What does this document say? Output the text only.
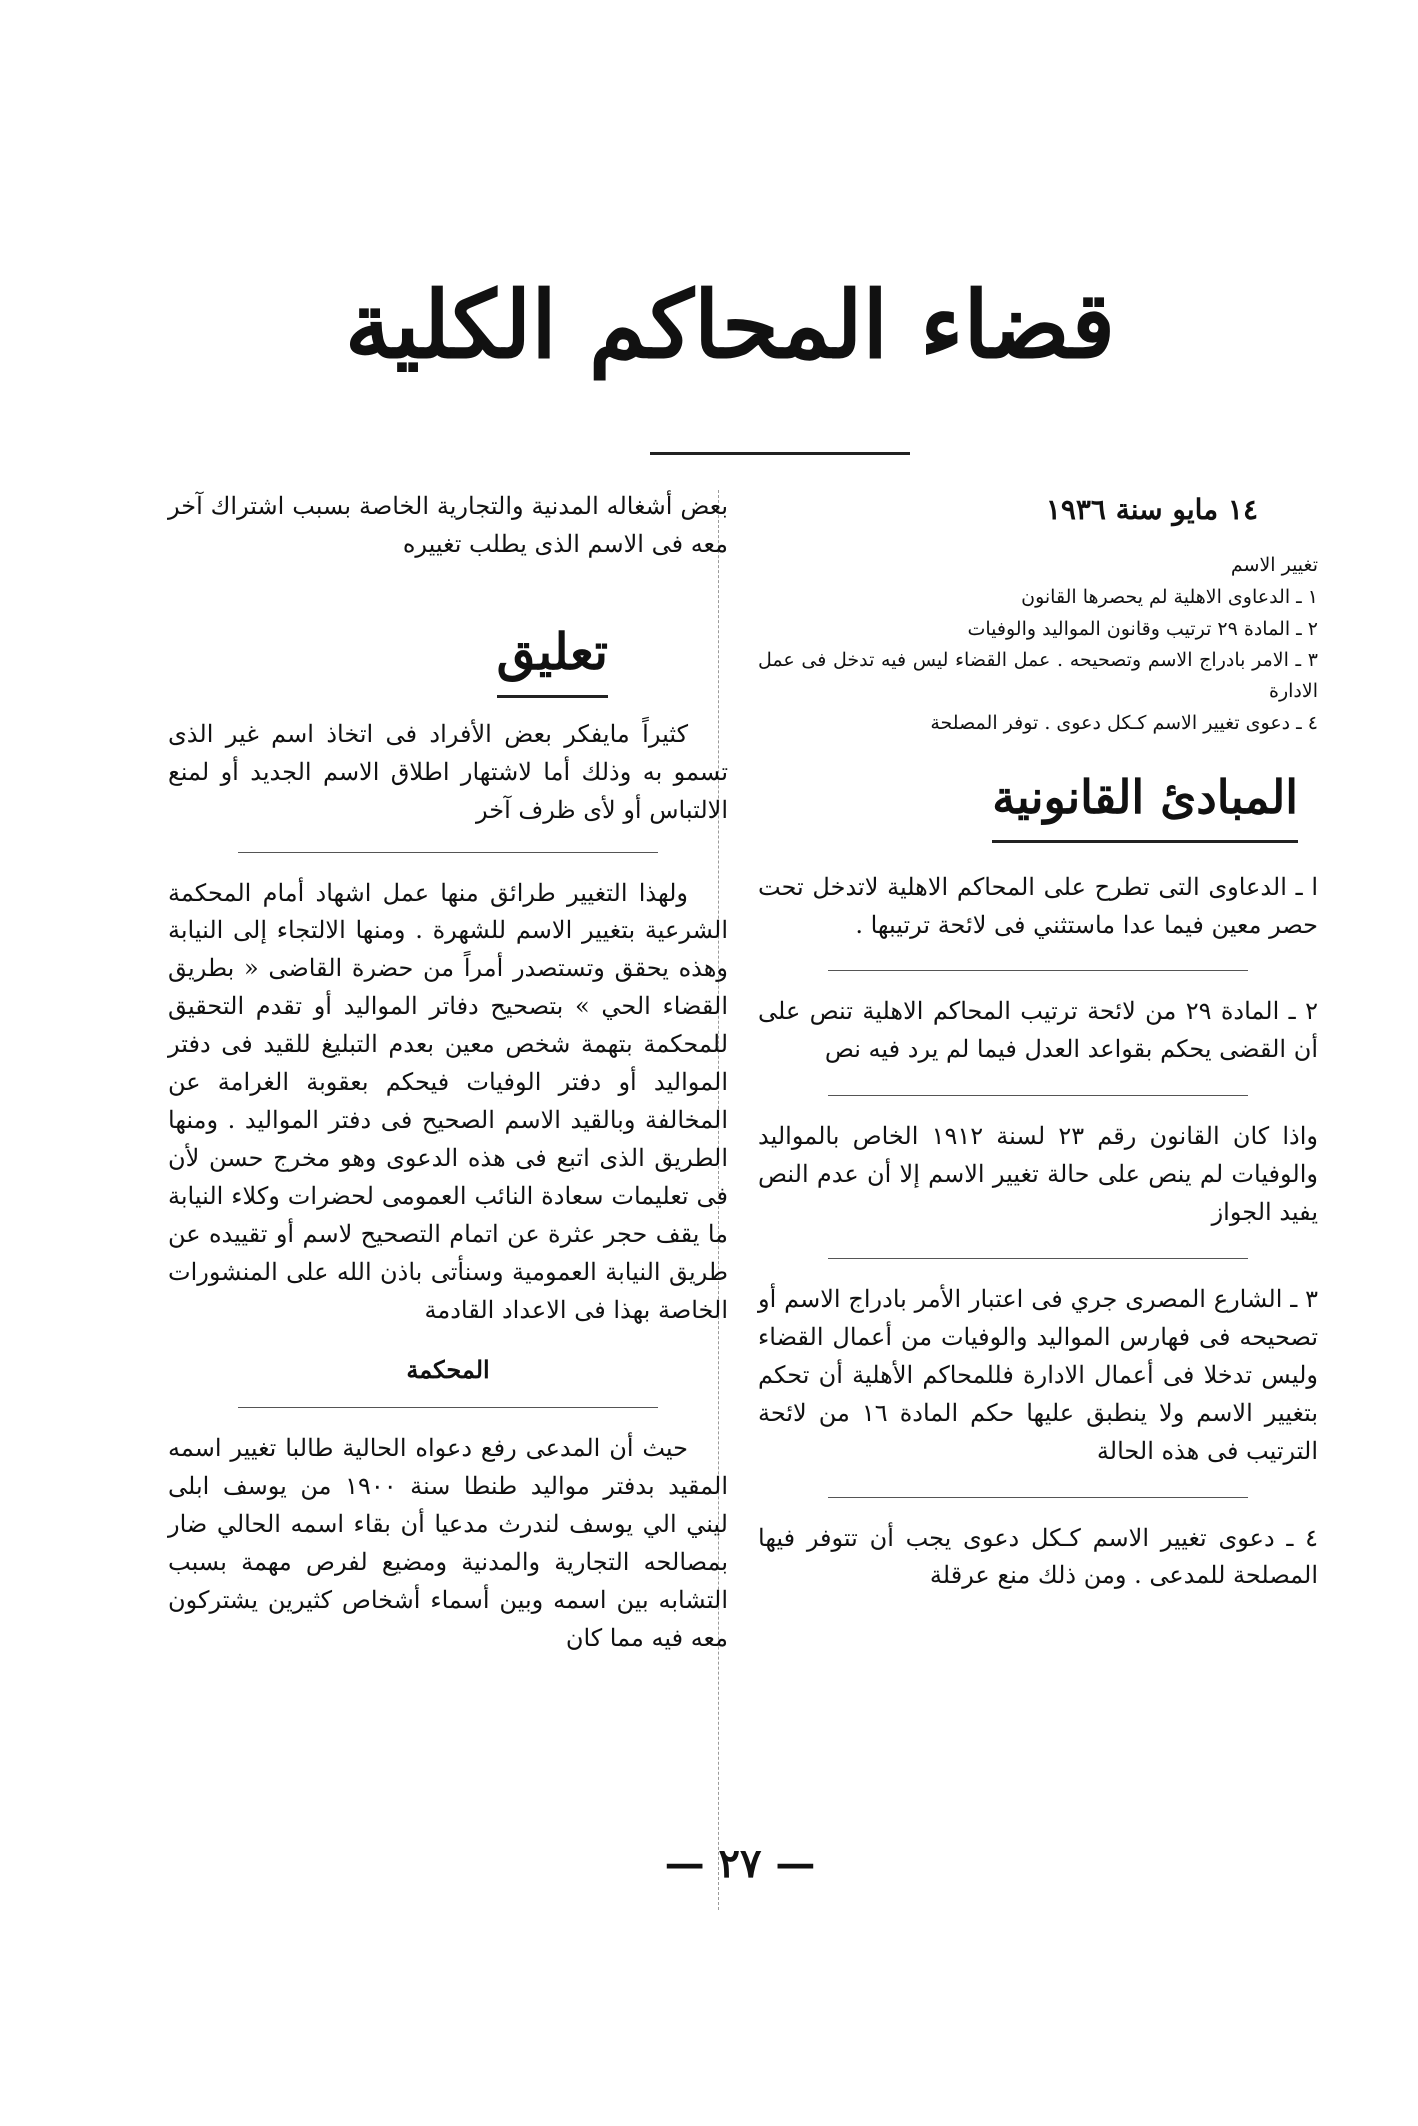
قضاء المحاكم الكلية
١٤ مايو سنة ١٩٣٦
تغيير الاسم

١ ـ الدعاوى الاهلية لم يحصرها القانون

٢ ـ المادة ٢٩ ترتيب وقانون المواليد والوفيات

٣ ـ الامر بادراج الاسم وتصحيحه . عمل القضاء ليس فيه تدخل فى عمل الادارة

٤ ـ دعوى تغيير الاسم كـكل دعوى . توفر المصلحة

المبادئ القانونية

ا ـ الدعاوى التى تطرح على المحاكم الاهلية لاتدخل تحت حصر معين فيما عدا ماستثني فى لائحة ترتيبها .

٢ ـ المادة ٢٩ من لائحة ترتيب المحاكم الاهلية تنص على أن القضى يحكم بقواعد العدل فيما لم يرد فيه نص

واذا كان القانون رقم ٢٣ لسنة ١٩١٢ الخاص بالمواليد والوفيات لم ينص على حالة تغيير الاسم إلا أن عدم النص يفيد الجواز

٣ ـ الشارع المصرى جري فى اعتبار الأمر بادراج الاسم أو تصحيحه فى فهارس المواليد والوفيات من أعمال القضاء وليس تدخلا فى أعمال الادارة فللمحاكم الأهلية أن تحكم بتغيير الاسم ولا ينطبق عليها حكم المادة ١٦ من لائحة الترتيب فى هذه الحالة

٤ ـ دعوى تغيير الاسم كـكل دعوى يجب أن تتوفر فيها المصلحة للمدعى . ومن ذلك منع عرقلة

بعض أشغاله المدنية والتجارية الخاصة بسبب اشتراك آخر معه فى الاسم الذى يطلب تغييره

تعليق

كثيراً مايفكر بعض الأفراد فى اتخاذ اسم غير الذى تسمو به وذلك أما لاشتهار اطلاق الاسم الجديد أو لمنع الالتباس أو لأى ظرف آخر

ولهذا التغيير طرائق منها عمل اشهاد أمام المحكمة الشرعية بتغيير الاسم للشهرة . ومنها الالتجاء إلى النيابة وهذه يحقق وتستصدر أمراً من حضرة القاضى « بطريق القضاء الحي » بتصحيح دفاتر المواليد أو تقدم التحقيق للمحكمة بتهمة شخص معين بعدم التبليغ للقيد فى دفتر المواليد أو دفتر الوفيات فيحكم بعقوبة الغرامة عن المخالفة وبالقيد الاسم الصحيح فى دفتر المواليد . ومنها الطريق الذى اتبع فى هذه الدعوى وهو مخرج حسن لأن فى تعليمات سعادة النائب العمومى لحضرات وكلاء النيابة ما يقف حجر عثرة عن اتمام التصحيح لاسم أو تقييده عن طريق النيابة العمومية وسنأتى باذن الله على المنشورات الخاصة بهذا فى الاعداد القادمة

المحكمة

حيث أن المدعى رفع دعواه الحالية طالبا تغيير اسمه المقيد بدفتر مواليد طنطا سنة ١٩٠٠ من يوسف ابلى ليني الي يوسف لندرث مدعيا أن بقاء اسمه الحالي ضار بمصالحه التجارية والمدنية ومضيع لفرص مهمة بسبب التشابه بين اسمه وبين أسماء أشخاص كثيرين يشتركون معه فيه مما كان

— ٢٧ —
